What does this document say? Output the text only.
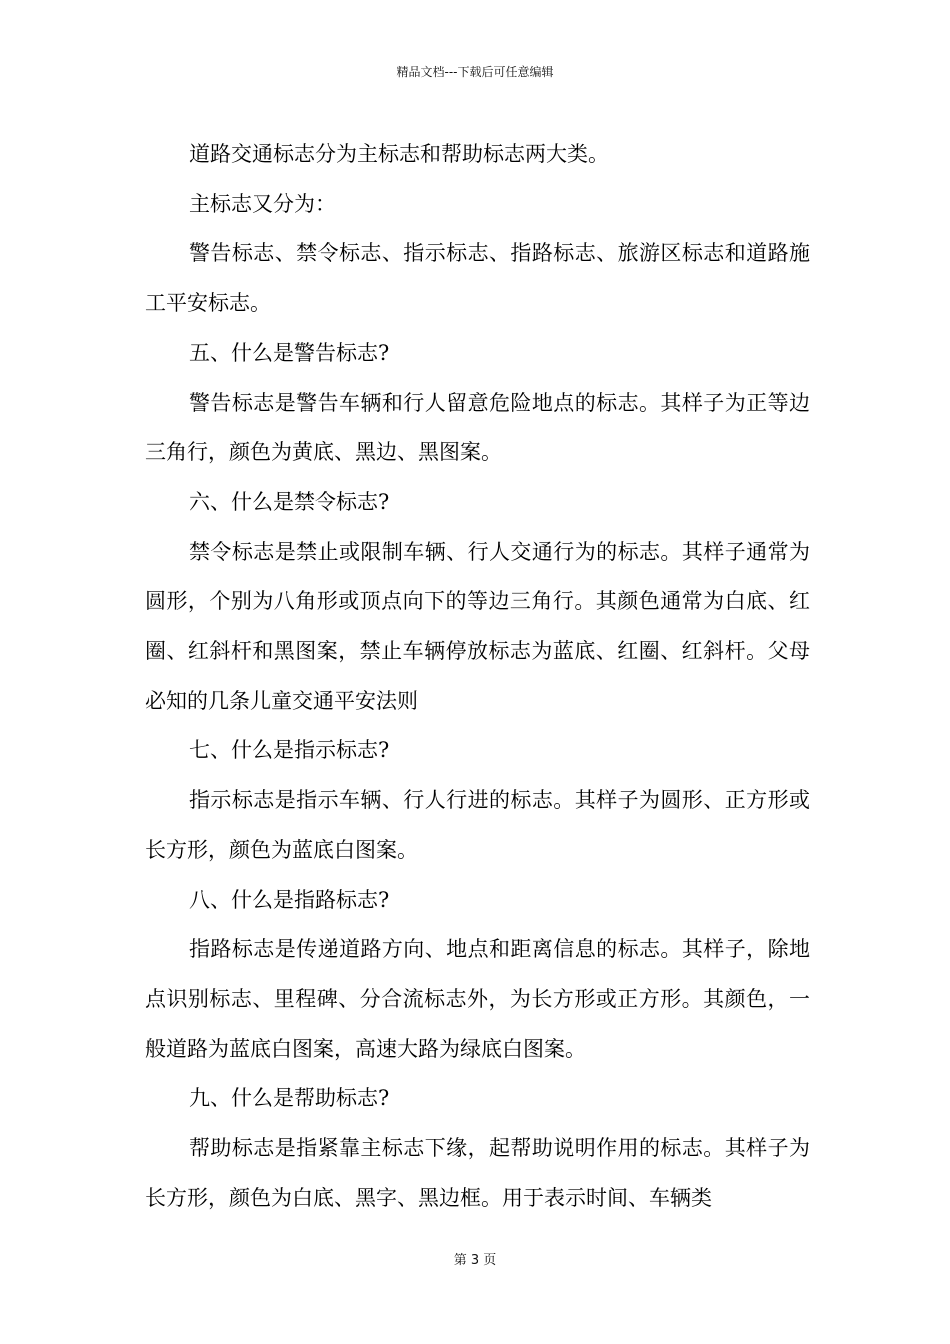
精品文档---下载后可任意编辑

道路交通标志分为主标志和帮助标志两大类。

主标志又分为：

警告标志、禁令标志、指示标志、指路标志、旅游区标志和道路施工平安标志。

五、什么是警告标志?

警告标志是警告车辆和行人留意危险地点的标志。其样子为正等边三角行，颜色为黄底、黑边、黑图案。

六、什么是禁令标志?

禁令标志是禁止或限制车辆、行人交通行为的标志。其样子通常为圆形，个别为八角形或顶点向下的等边三角行。其颜色通常为白底、红圈、红斜杆和黑图案，禁止车辆停放标志为蓝底、红圈、红斜杆。父母必知的几条儿童交通平安法则

七、什么是指示标志?

指示标志是指示车辆、行人行进的标志。其样子为圆形、正方形或长方形，颜色为蓝底白图案。

八、什么是指路标志?

指路标志是传递道路方向、地点和距离信息的标志。其样子，除地点识别标志、里程碑、分合流标志外，为长方形或正方形。其颜色，一般道路为蓝底白图案，高速大路为绿底白图案。

九、什么是帮助标志?

帮助标志是指紧靠主标志下缘，起帮助说明作用的标志。其样子为长方形，颜色为白底、黑字、黑边框。用于表示时间、车辆类

第 3 页
